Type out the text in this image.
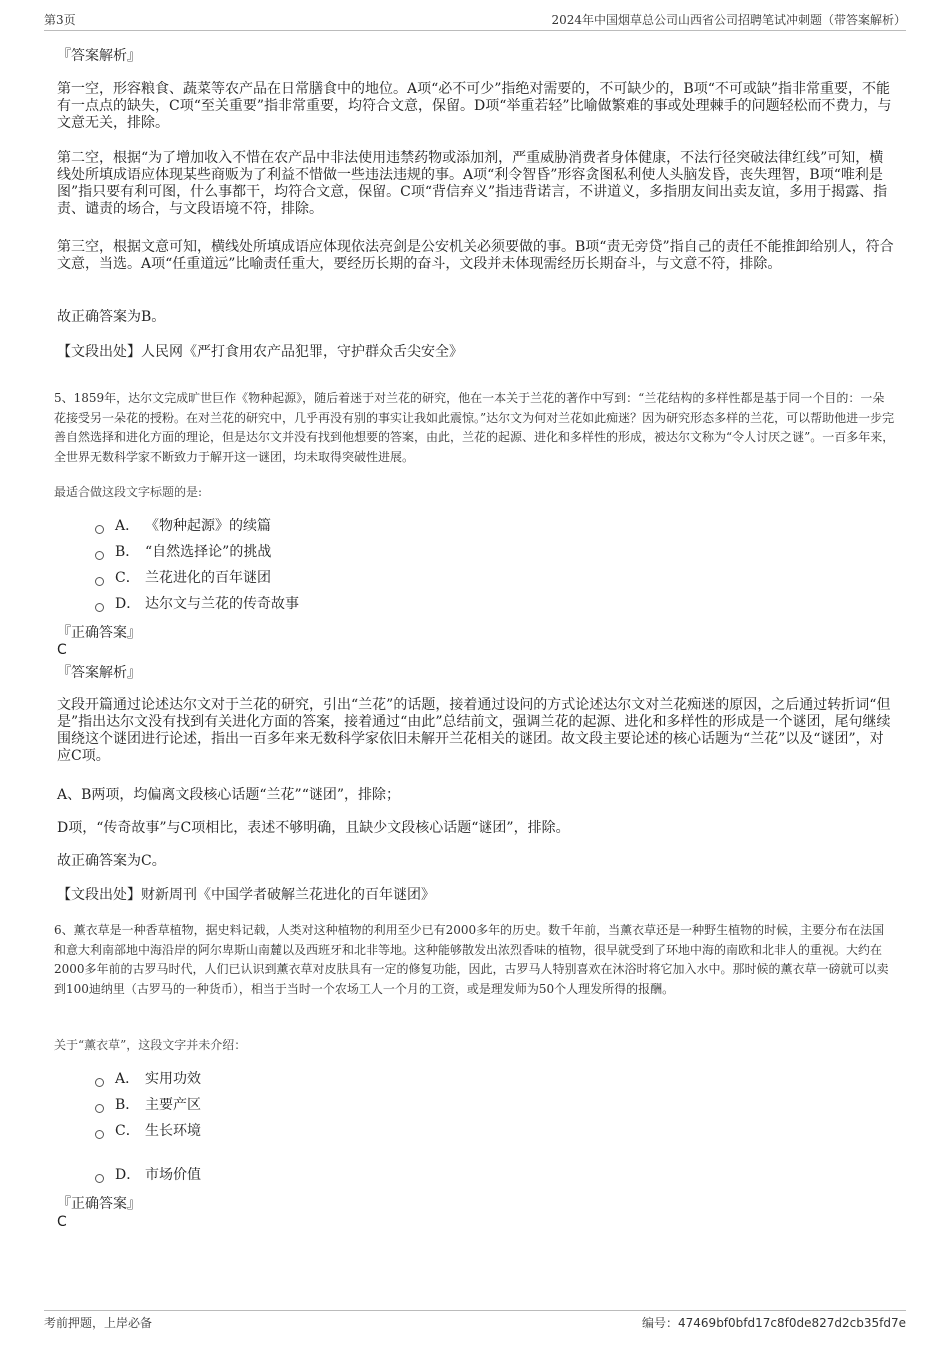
第3页	2024年中国烟草总公司山西省公司招聘笔试冲刺题（带答案解析）
『答案解析』

第一空，形容粮食、蔬菜等农产品在日常膳食中的地位。A项“必不可少”指绝对需要的，不可缺少的，B项“不可或缺”指非常重要，不能有一点点的缺失，C项“至关重要”指非常重要，均符合文意，保留。D项“举重若轻”比喻做繁难的事或处理棘手的问题轻松而不费力，与文意无关，排除。

第二空，根据“为了增加收入不惜在农产品中非法使用违禁药物或添加剂，严重威胁消费者身体健康，不法行径突破法律红线”可知，横线处所填成语应体现某些商贩为了利益不惜做一些违法违规的事。A项“利令智昏”形容贪图私利使人头脑发昏，丧失理智，B项“唯利是图”指只要有利可图，什么事都干，均符合文意，保留。C项“背信弃义”指违背诺言，不讲道义，多指朋友间出卖友谊，多用于揭露、指责、谴责的场合，与文段语境不符，排除。

第三空，根据文意可知，横线处所填成语应体现依法亮剑是公安机关必须要做的事。B项“责无旁贷”指自己的责任不能推卸给别人，符合文意，当选。A项“任重道远”比喻责任重大，要经历长期的奋斗，文段并未体现需经历长期奋斗，与文意不符，排除。

故正确答案为B。
【文段出处】人民网《严打食用农产品犯罪，守护群众舌尖安全》
5、1859年，达尔文完成旷世巨作《物种起源》，随后着迷于对兰花的研究，他在一本关于兰花的著作中写到：“兰花结构的多样性都是基于同一个目的：一朵花接受另一朵花的授粉。在对兰花的研究中，几乎再没有别的事实让我如此震惊。”达尔文为何对兰花如此痴迷？因为研究形态多样的兰花，可以帮助他进一步完善自然选择和进化方面的理论，但是达尔文并没有找到他想要的答案，由此，兰花的起源、进化和多样性的形成，被达尔文称为“令人讨厌之谜”。一百多年来，全世界无数科学家不断致力于解开这一谜团，均未取得突破性进展。
最适合做这段文字标题的是:
A． 《物种起源》的续篇
B． “自然选择论”的挑战
C． 兰花进化的百年谜团
D． 达尔文与兰花的传奇故事
『正确答案』
C
『答案解析』

文段开篇通过论述达尔文对于兰花的研究，引出“兰花”的话题，接着通过设问的方式论述达尔文对兰花痴迷的原因，之后通过转折词“但是”指出达尔文没有找到有关进化方面的答案，接着通过“由此”总结前文，强调兰花的起源、进化和多样性的形成是一个谜团，尾句继续围绕这个谜团进行论述，指出一百多年来无数科学家依旧未解开兰花相关的谜团。故文段主要论述的核心话题为“兰花”以及“谜团”，对应C项。

A、B两项，均偏离文段核心话题“兰花”“谜团”，排除；
D项，“传奇故事”与C项相比，表述不够明确，且缺少文段核心话题“谜团”，排除。
故正确答案为C。
【文段出处】财新周刊《中国学者破解兰花进化的百年谜团》
6、薰衣草是一种香草植物，据史料记载，人类对这种植物的利用至少已有2000多年的历史。数千年前，当薰衣草还是一种野生植物的时候，主要分布在法国和意大利南部地中海沿岸的阿尔卑斯山南麓以及西班牙和北非等地。这种能够散发出浓烈香味的植物，很早就受到了环地中海的南欧和北非人的重视。大约在2000多年前的古罗马时代，人们已认识到薰衣草对皮肤具有一定的修复功能，因此，古罗马人特别喜欢在沐浴时将它加入水中。那时候的薰衣草一磅就可以卖到100迪纳里（古罗马的一种货币），相当于当时一个农场工人一个月的工资，或是理发师为50个人理发所得的报酬。
关于“薰衣草”，这段文字并未介绍：
A． 实用功效
B． 主要产区
C． 生长环境
D． 市场价值
『正确答案』
C
考前押题，上岸必备	编号：47469bf0bfd17c8f0de827d2cb35fd7e
